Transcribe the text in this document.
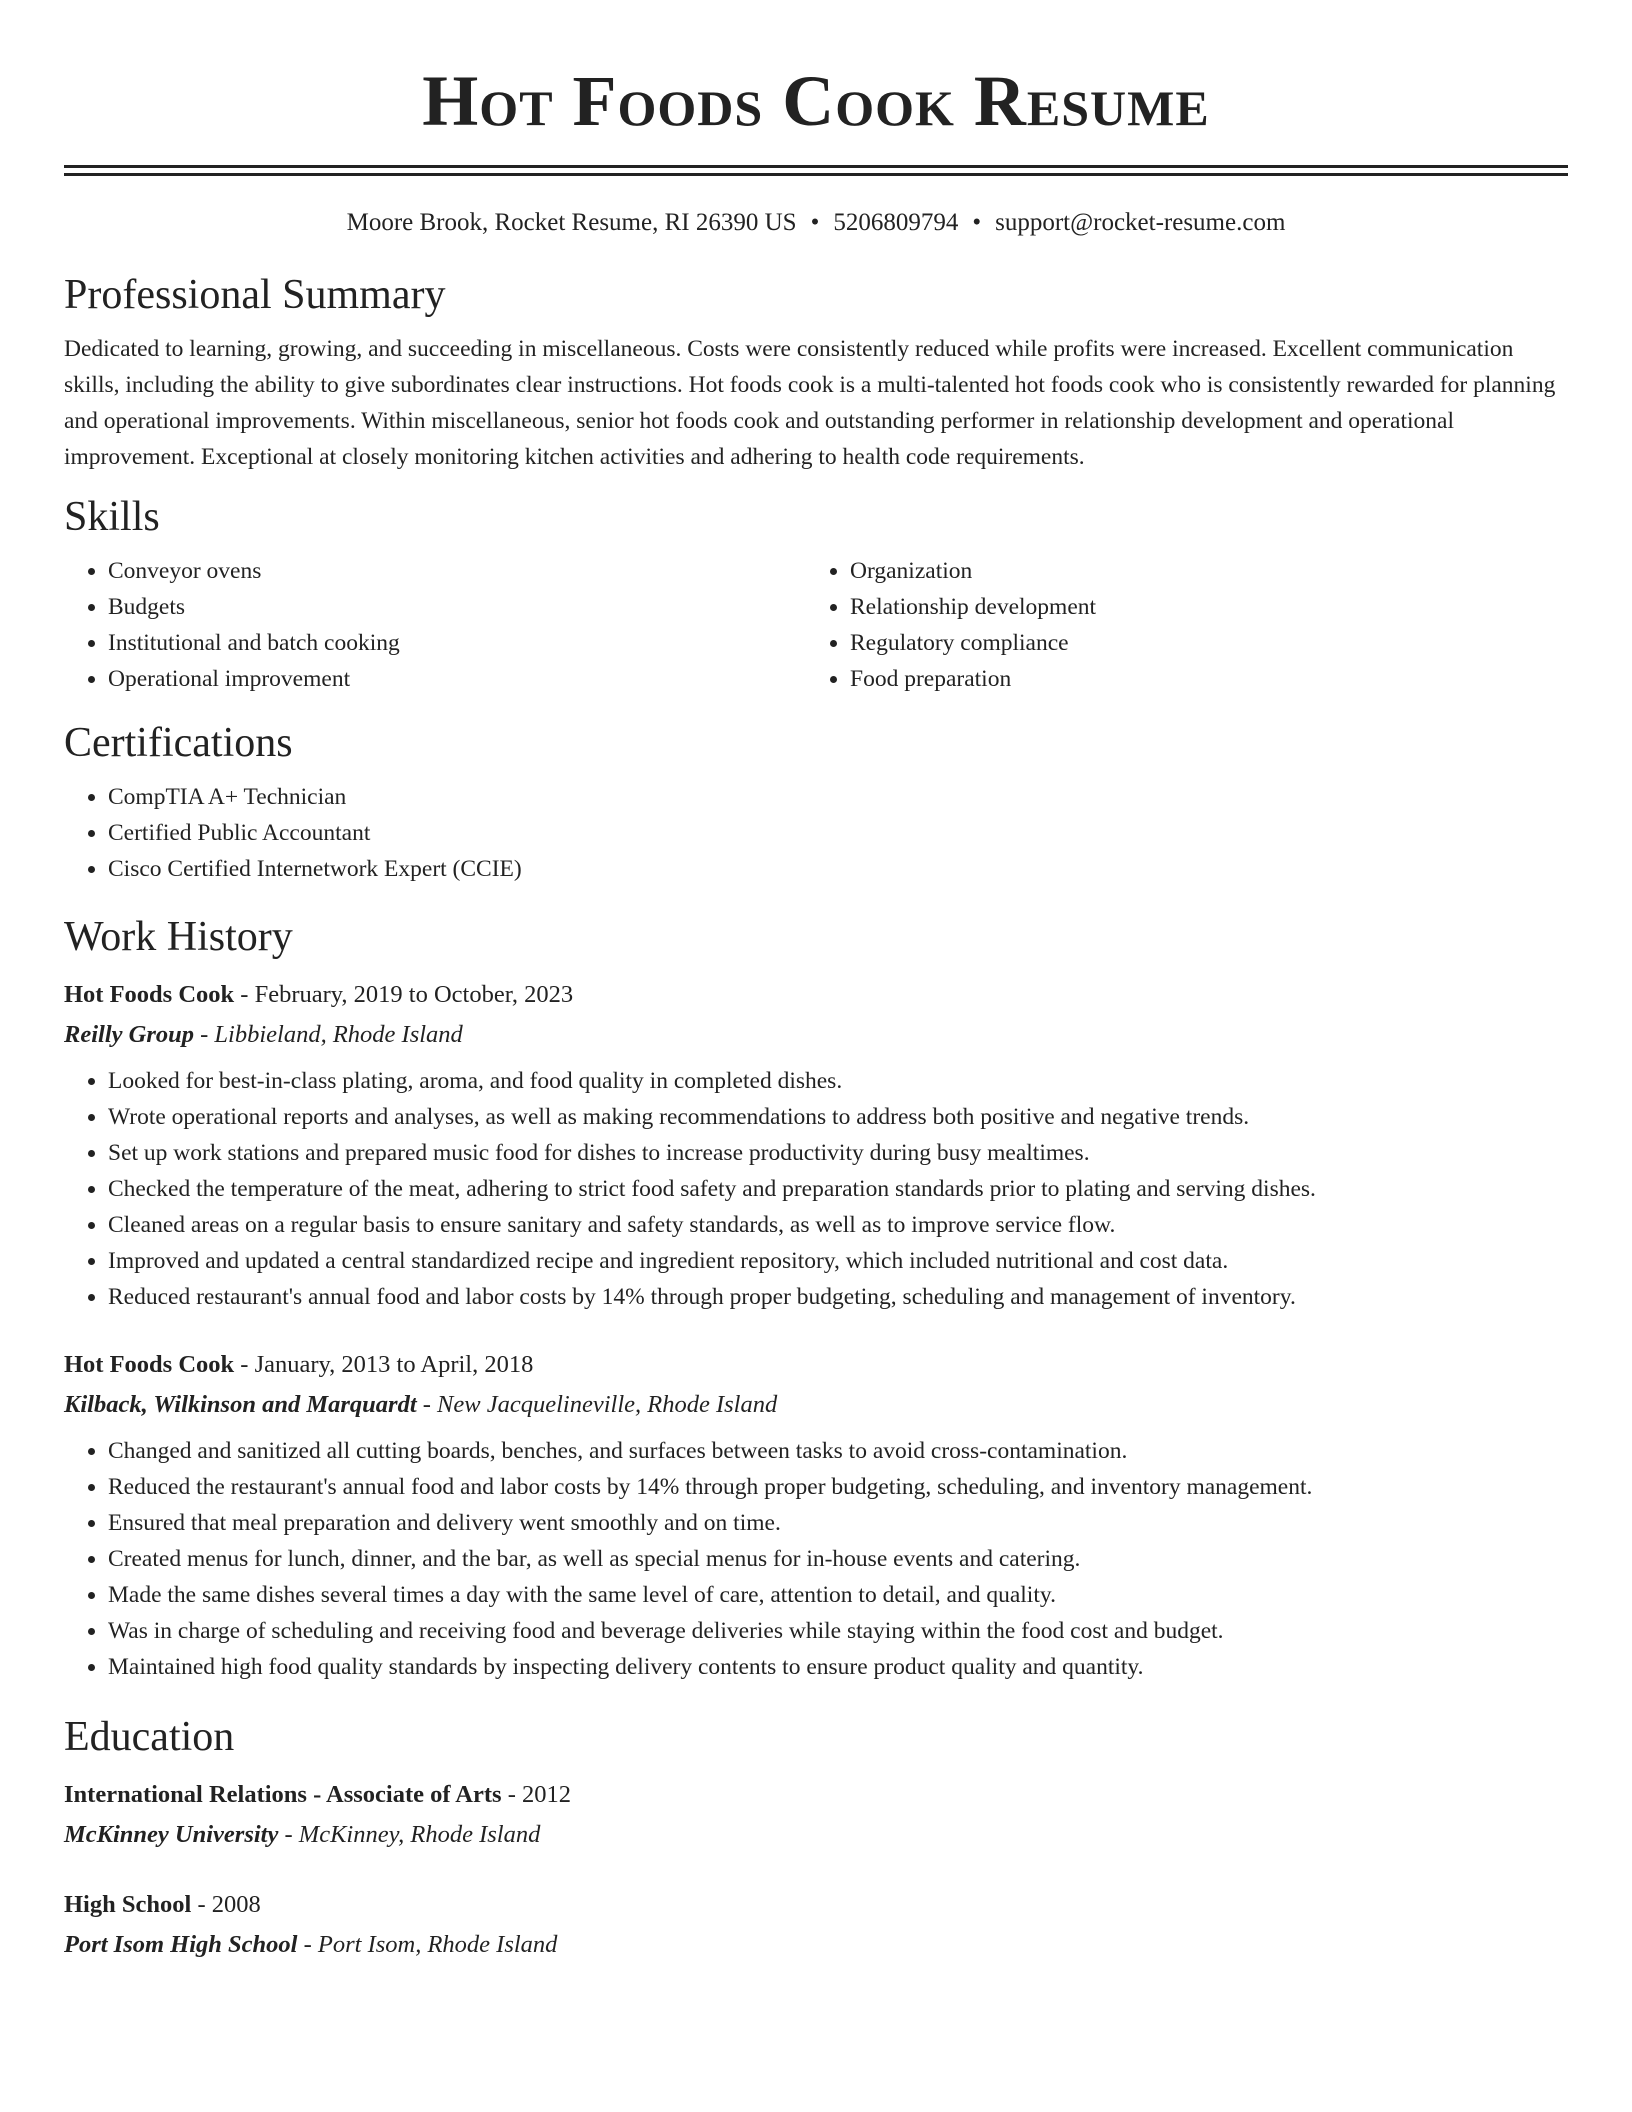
Hot Foods Cook Resume
Moore Brook, Rocket Resume, RI 26390 US • 5206809794 • support@rocket-resume.com
Professional Summary

Dedicated to learning, growing, and succeeding in miscellaneous. Costs were consistently reduced while profits were increased. Excellent communication skills, including the ability to give subordinates clear instructions. Hot foods cook is a multi-talented hot foods cook who is consistently rewarded for planning and operational improvements. Within miscellaneous, senior hot foods cook and outstanding performer in relationship development and operational improvement. Exceptional at closely monitoring kitchen activities and adhering to health code requirements.

Skills
• Conveyor ovens
• Budgets
• Institutional and batch cooking
• Operational improvement
• Organization
• Relationship development
• Regulatory compliance
• Food preparation
Certifications
• CompTIA A+ Technician
• Certified Public Accountant
• Cisco Certified Internetwork Expert (CCIE)
Work History
Hot Foods Cook - February, 2019 to October, 2023
Reilly Group - Libbieland, Rhode Island
• Looked for best-in-class plating, aroma, and food quality in completed dishes.
• Wrote operational reports and analyses, as well as making recommendations to address both positive and negative trends.
• Set up work stations and prepared music food for dishes to increase productivity during busy mealtimes.
• Checked the temperature of the meat, adhering to strict food safety and preparation standards prior to plating and serving dishes.
• Cleaned areas on a regular basis to ensure sanitary and safety standards, as well as to improve service flow.
• Improved and updated a central standardized recipe and ingredient repository, which included nutritional and cost data.
• Reduced restaurant's annual food and labor costs by 14% through proper budgeting, scheduling and management of inventory.
Hot Foods Cook - January, 2013 to April, 2018
Kilback, Wilkinson and Marquardt - New Jacquelineville, Rhode Island
• Changed and sanitized all cutting boards, benches, and surfaces between tasks to avoid cross-contamination.
• Reduced the restaurant's annual food and labor costs by 14% through proper budgeting, scheduling, and inventory management.
• Ensured that meal preparation and delivery went smoothly and on time.
• Created menus for lunch, dinner, and the bar, as well as special menus for in-house events and catering.
• Made the same dishes several times a day with the same level of care, attention to detail, and quality.
• Was in charge of scheduling and receiving food and beverage deliveries while staying within the food cost and budget.
• Maintained high food quality standards by inspecting delivery contents to ensure product quality and quantity.
Education
International Relations - Associate of Arts - 2012
McKinney University - McKinney, Rhode Island
High School - 2008
Port Isom High School - Port Isom, Rhode Island
